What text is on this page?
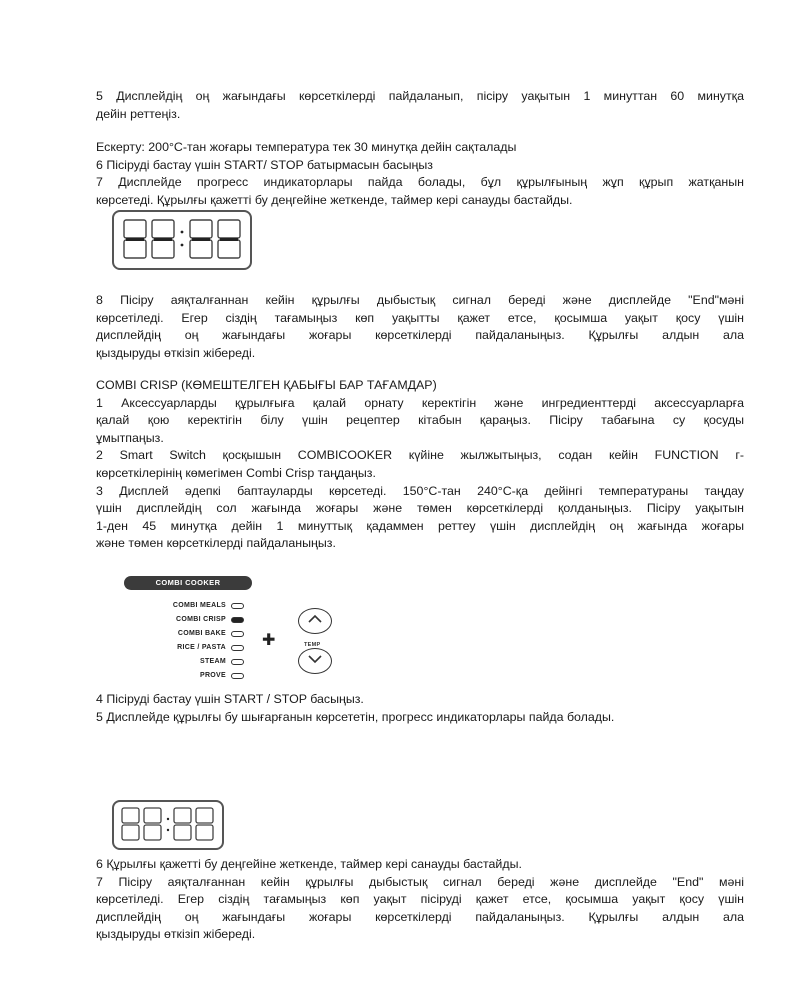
5 Дисплейдің оң жағындағы көрсеткілерді пайдаланып, пісіру уақытын 1 минуттан 60 минутқа
дейін реттеңіз.
Ескерту: 200°С-тан жоғары температура тек 30 минутқа дейін сақталады
6 Пісіруді бастау үшін START/ STOP батырмасын басыңыз
7 Дисплейде прогресс индикаторлары пайда болады, бұл құрылғының жұп құрып жатқанын
көрсетеді. Құрылғы қажетті бу деңгейіне жеткенде, таймер кері санауды бастайды.
8 Пісіру аяқталғаннан кейін құрылғы дыбыстық сигнал береді және дисплейде "End"мәні
көрсетіледі. Егер сіздің тағамыңыз көп уақытты қажет етсе, қосымша уақыт қосу үшін
дисплейдің оң жағындағы жоғары көрсеткілерді пайдаланыңыз. Құрылғы алдын ала
қыздыруды өткізіп жібереді.
COMBI CRISP (КӨМЕШТЕЛГЕН ҚАБЫҒЫ БАР ТАҒАМДАР)
1 Аксессуарларды құрылғыға қалай орнату керектігін және ингредиенттерді аксессуарларға
қалай қою керектігін білу үшін рецептер кітабын қараңыз. Пісіру табағына су қосуды
ұмытпаңыз.
2 Smart Switch қосқышын COMBICOOKER күйіне жылжытыңыз, содан кейін FUNCTION г-
көрсеткілерінің көмегімен Combi Crisp таңдаңыз.
3 Дисплей әдепкі баптауларды көрсетеді. 150°С-тан 240°С-қа дейінгі температураны таңдау
үшін дисплейдің сол жағында жоғары және төмен көрсеткілерді қолданыңыз. Пісіру уақытын
1-ден 45 минутқа дейін 1 минуттық қадаммен реттеу үшін дисплейдің оң жағында жоғары
және төмен көрсеткілерді пайдаланыңыз.
COMBI COOKER
COMBI MEALS
COMBI CRISP
COMBI BAKE
RICE / PASTA
STEAM
PROVE
✚	TEMP
4 Пісіруді бастау үшін START / STOP басыңыз.
5 Дисплейде құрылғы бу шығарғанын көрсететін, прогресс индикаторлары пайда болады.
6 Құрылғы қажетті бу деңгейіне жеткенде, таймер кері санауды бастайды.
7 Пісіру аяқталғаннан кейін құрылғы дыбыстық сигнал береді және дисплейде "End" мәні
көрсетіледі. Егер сіздің тағамыңыз көп уақыт пісіруді қажет етсе, қосымша уақыт қосу үшін
дисплейдің оң жағындағы жоғары көрсеткілерді пайдаланыңыз. Құрылғы алдын ала
қыздыруды өткізіп жібереді.
